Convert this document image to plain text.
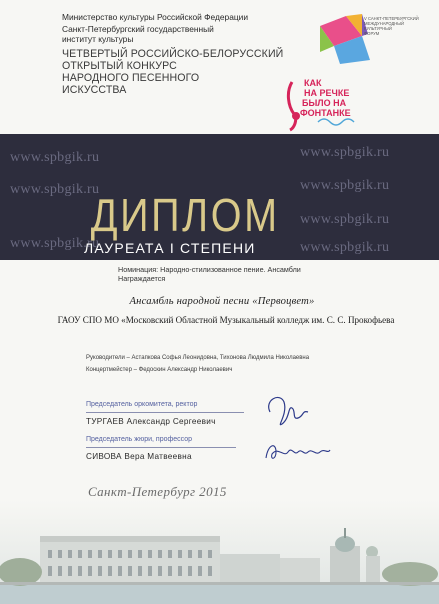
Министерство культуры Российской Федерации
Санкт-Петербургский государственный
институт культуры
ЧЕТВЕРТЫЙ РОССИЙСКО-БЕЛОРУССКИЙ
ОТКРЫТЫЙ КОНКУРС
НАРОДНОГО ПЕСЕННОГО
ИСКУССТВА
V САНКТ-ПЕТЕРБУРГСКИЙ
МЕЖДУНАРОДНЫЙ
КУЛЬТУРНЫЙ
ФОРУМ
КАК
НА РЕЧКЕ
БЫЛО НА
ФОНТАНКЕ
www.spbgik.ru	www.spbgik.ru
www.spbgik.ru	www.spbgik.ru
www.spbgik.ru
www.spbgik.ru	www.spbgik.ru
ДИПЛОМ
ЛАУРЕАТА I СТЕПЕНИ
Номинация: Народно-стилизованное пение. Ансамбли
Награждается
Ансамбль народной песни «Первоцвет»
ГАОУ СПО МО «Московский Областной Музыкальный колледж им. С. С. Прокофьева
Руководители – Астапкова Софья Леонидовна, Тихонова Людмила Николаевна
Концертмейстер – Федоскин Александр Николаевич
Председатель оркомитета, ректор
ТУРГАЕВ Александр Сергеевич
Председатель жюри, профессор
СИВОВА Вера Матвеевна
Санкт-Петербург 2015
